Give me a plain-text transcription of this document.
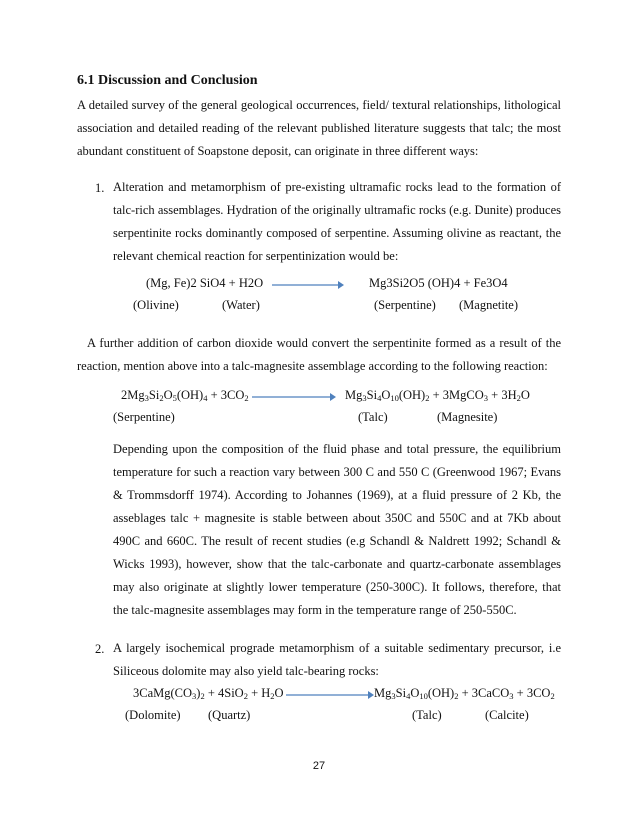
6.1 Discussion and Conclusion

A detailed survey of the general geological occurrences, field/ textural relationships, lithological association and detailed reading of the relevant published literature suggests that talc; the most abundant constituent of Soapstone deposit, can originate in three different ways:

1. Alteration and metamorphism of pre-existing ultramafic rocks lead to the formation of talc-rich assemblages. Hydration of the originally ultramafic rocks (e.g. Dunite) produces serpentinite rocks dominantly composed of serpentine. Assuming olivine as reactant, the relevant chemical reaction for serpentinization would be:

(Mg, Fe)2 SiO4 + H2O	Mg3Si2O5 (OH)4 + Fe3O4
(Olivine)	(Water)	(Serpentine) (Magnetite)

A further addition of carbon dioxide would convert the serpentinite formed as a result of the reaction, mention above into a talc-magnesite assemblage according to the following reaction:

$2Mg_3Si_2O_5(OH)_4 + 3CO_2$	$Mg_3Si_4O_{10}(OH)_2$ + 3MgCO$_3$ + $3H_2O$
(Serpentine)	(Talc)	(Magnesite)

Depending upon the composition of the fluid phase and total pressure, the equilibrium temperature for such a reaction vary between 300 C and 550 C (Greenwood 1967; Evans & Trommsdorff 1974). According to Johannes (1969), at a fluid pressure of 2 Kb, the asseblages talc + magnesite is stable between about 350C and 550C and at 7Kb about 490C and 660C. The result of recent studies (e.g Schandl & Naldrett 1992; Schandl & Wicks 1993), however, show that the talc-carbonate and quartz-carbonate assemblages may also originate at slightly lower temperature (250-300C). It follows, therefore, that the talc-magnesite assemblages may form in the temperature range of 250-550C.

2. A largely isochemical prograde metamorphism of a suitable sedimentary precursor, i.e Siliceous dolomite may also yield talc-bearing rocks:

$3CaMg(CO_3)_2 + 4SiO_2 + H_2O$	$Mg_3Si_4O_{10}(OH)_2$ + 3CaCO$_3$ + $3CO_2$
(Dolomite) (Quartz)	(Talc)	(Calcite)
27
